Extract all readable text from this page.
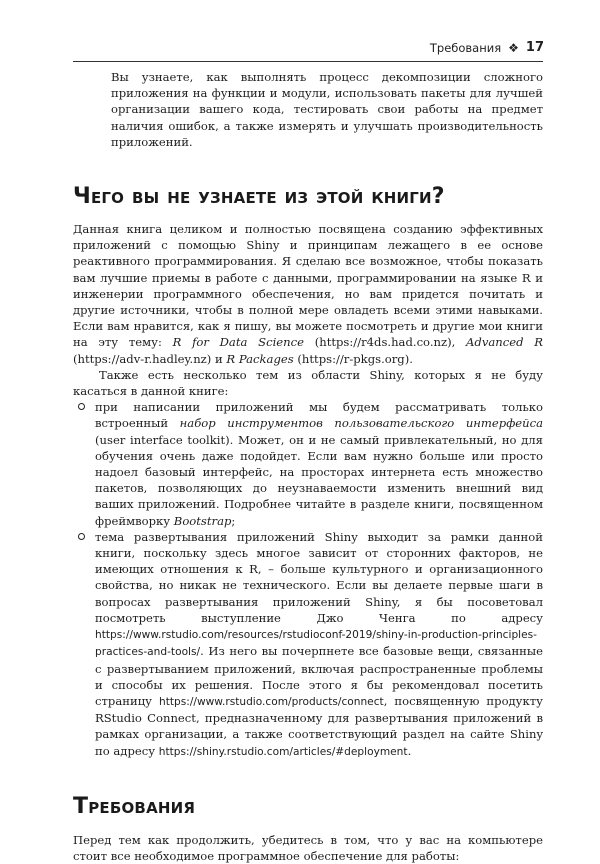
Требования ❖ 17

Вы узнаете, как выполнять процесс декомпозиции сложного приложения на функции и модули, использовать пакеты для лучшей организации вашего кода, тестировать свои работы на предмет наличия ошибок, а также измерять и улучшать производительность приложений.

Чего вы не узнаете из этой книги?

Данная книга целиком и полностью посвящена созданию эффективных приложений с помощью Shiny и принципам лежащего в ее основе реактивного программирования. Я сделаю все возможное, чтобы показать вам лучшие приемы в работе с данными, программировании на языке R и инженерии программного обеспечения, но вам придется почитать и другие источники, чтобы в полной мере овладеть всеми этими навыками. Если вам нравится, как я пишу, вы можете посмотреть и другие мои книги на эту тему: R for Data Science (https://r4ds.had.co.nz), Advanced R (https://adv-r.hadley.nz) и R Packages (https://r-pkgs.org).

Также есть несколько тем из области Shiny, которых я не буду касаться в данной книге:

при написании приложений мы будем рассматривать только встроенный набор инструментов пользовательского интерфейса (user interface toolkit). Может, он и не самый привлекательный, но для обучения очень даже подойдет. Если вам нужно больше или просто надоел базовый интерфейс, на просторах интернета есть множество пакетов, позволяющих до неузнаваемости изменить внешний вид ваших приложений. Подробнее читайте в разделе книги, посвященном фреймворку Bootstrap;
тема развертывания приложений Shiny выходит за рамки данной книги, поскольку здесь многое зависит от сторонних факторов, не имеющих отношения к R, – больше культурного и организационного свойства, но никак не технического. Если вы делаете первые шаги в вопросах развертывания приложений Shiny, я бы посоветовал посмотреть выступление Джо Ченга по адресу https://www.rstudio.com/resources/rstudioconf-2019/shiny-in-production-principles-practices-and-tools/. Из него вы почерпнете все базовые вещи, связанные с развертыванием приложений, включая распространенные проблемы и способы их решения. После этого я бы рекомендовал посетить страницу https://www.rstudio.com/products/connect, посвященную продукту RStudio Connect, предназначенному для развертывания приложений в рамках организации, а также соответствующий раздел на сайте Shiny по адресу https://shiny.rstudio.com/articles/#deployment.
Требования

Перед тем как продолжить, убедитесь в том, что у вас на компьютере стоит все необходимое программное обеспечение для работы:
